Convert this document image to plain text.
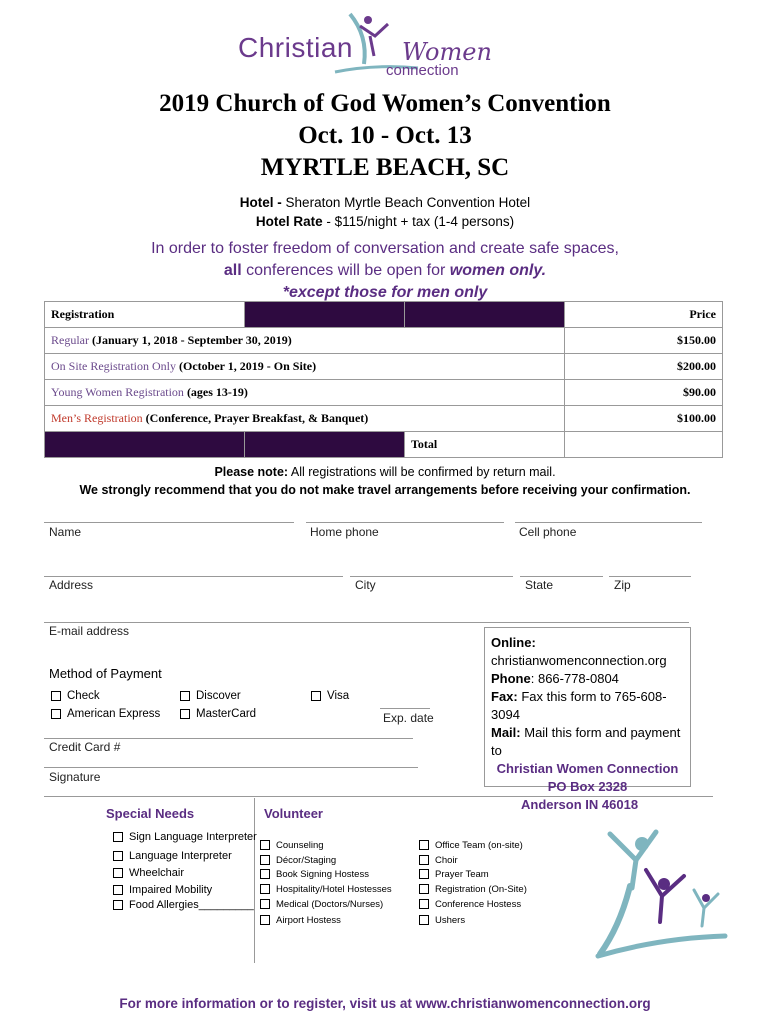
Christian Women
connection
2019 Church of God Women’s Convention
Oct. 10 - Oct. 13
MYRTLE BEACH, SC
Hotel - Sheraton Myrtle Beach Convention Hotel
Hotel Rate - $115/night + tax (1-4 persons)
In order to foster freedom of conversation and create safe spaces,
all conferences will be open for women only.
*except those for men only
Registration			Price
Regular (January 1, 2018 - September 30, 2019)			$150.00
On Site Registration Only (October 1, 2019 - On Site)			$200.00
Young Women Registration (ages 13-19)			$90.00
Men’s Registration (Conference, Prayer Breakfast, & Banquet)			$100.00
		Total	
Please note: All registrations will be confirmed by return mail.
We strongly recommend that you do not make travel arrangements before receiving your confirmation.
Name	Home phone	Cell phone
Address	City	State	Zip
E-mail address
Method of Payment
Check	Discover	Visa
American Express	MasterCard	Exp. date
Credit Card #
Signature
Online:
christianwomenconnection.org
Phone: 866-778-0804
Fax: Fax this form to 765-608-3094
Mail: Mail this form and payment to
Christian Women Connection
PO Box 2328
Anderson IN 46018
Special Needs
Sign Language Interpreter
Language Interpreter
Wheelchair
Impaired Mobility
Food Allergies_________
Volunteer
Counseling
Décor/Staging
Book Signing Hostess
Hospitality/Hotel Hostesses
Medical (Doctors/Nurses)
Airport Hostess
Office Team (on-site)
Choir
Prayer Team
Registration (On-Site)
Conference Hostess
Ushers
For more information or to register, visit us at www.christianwomenconnection.org
